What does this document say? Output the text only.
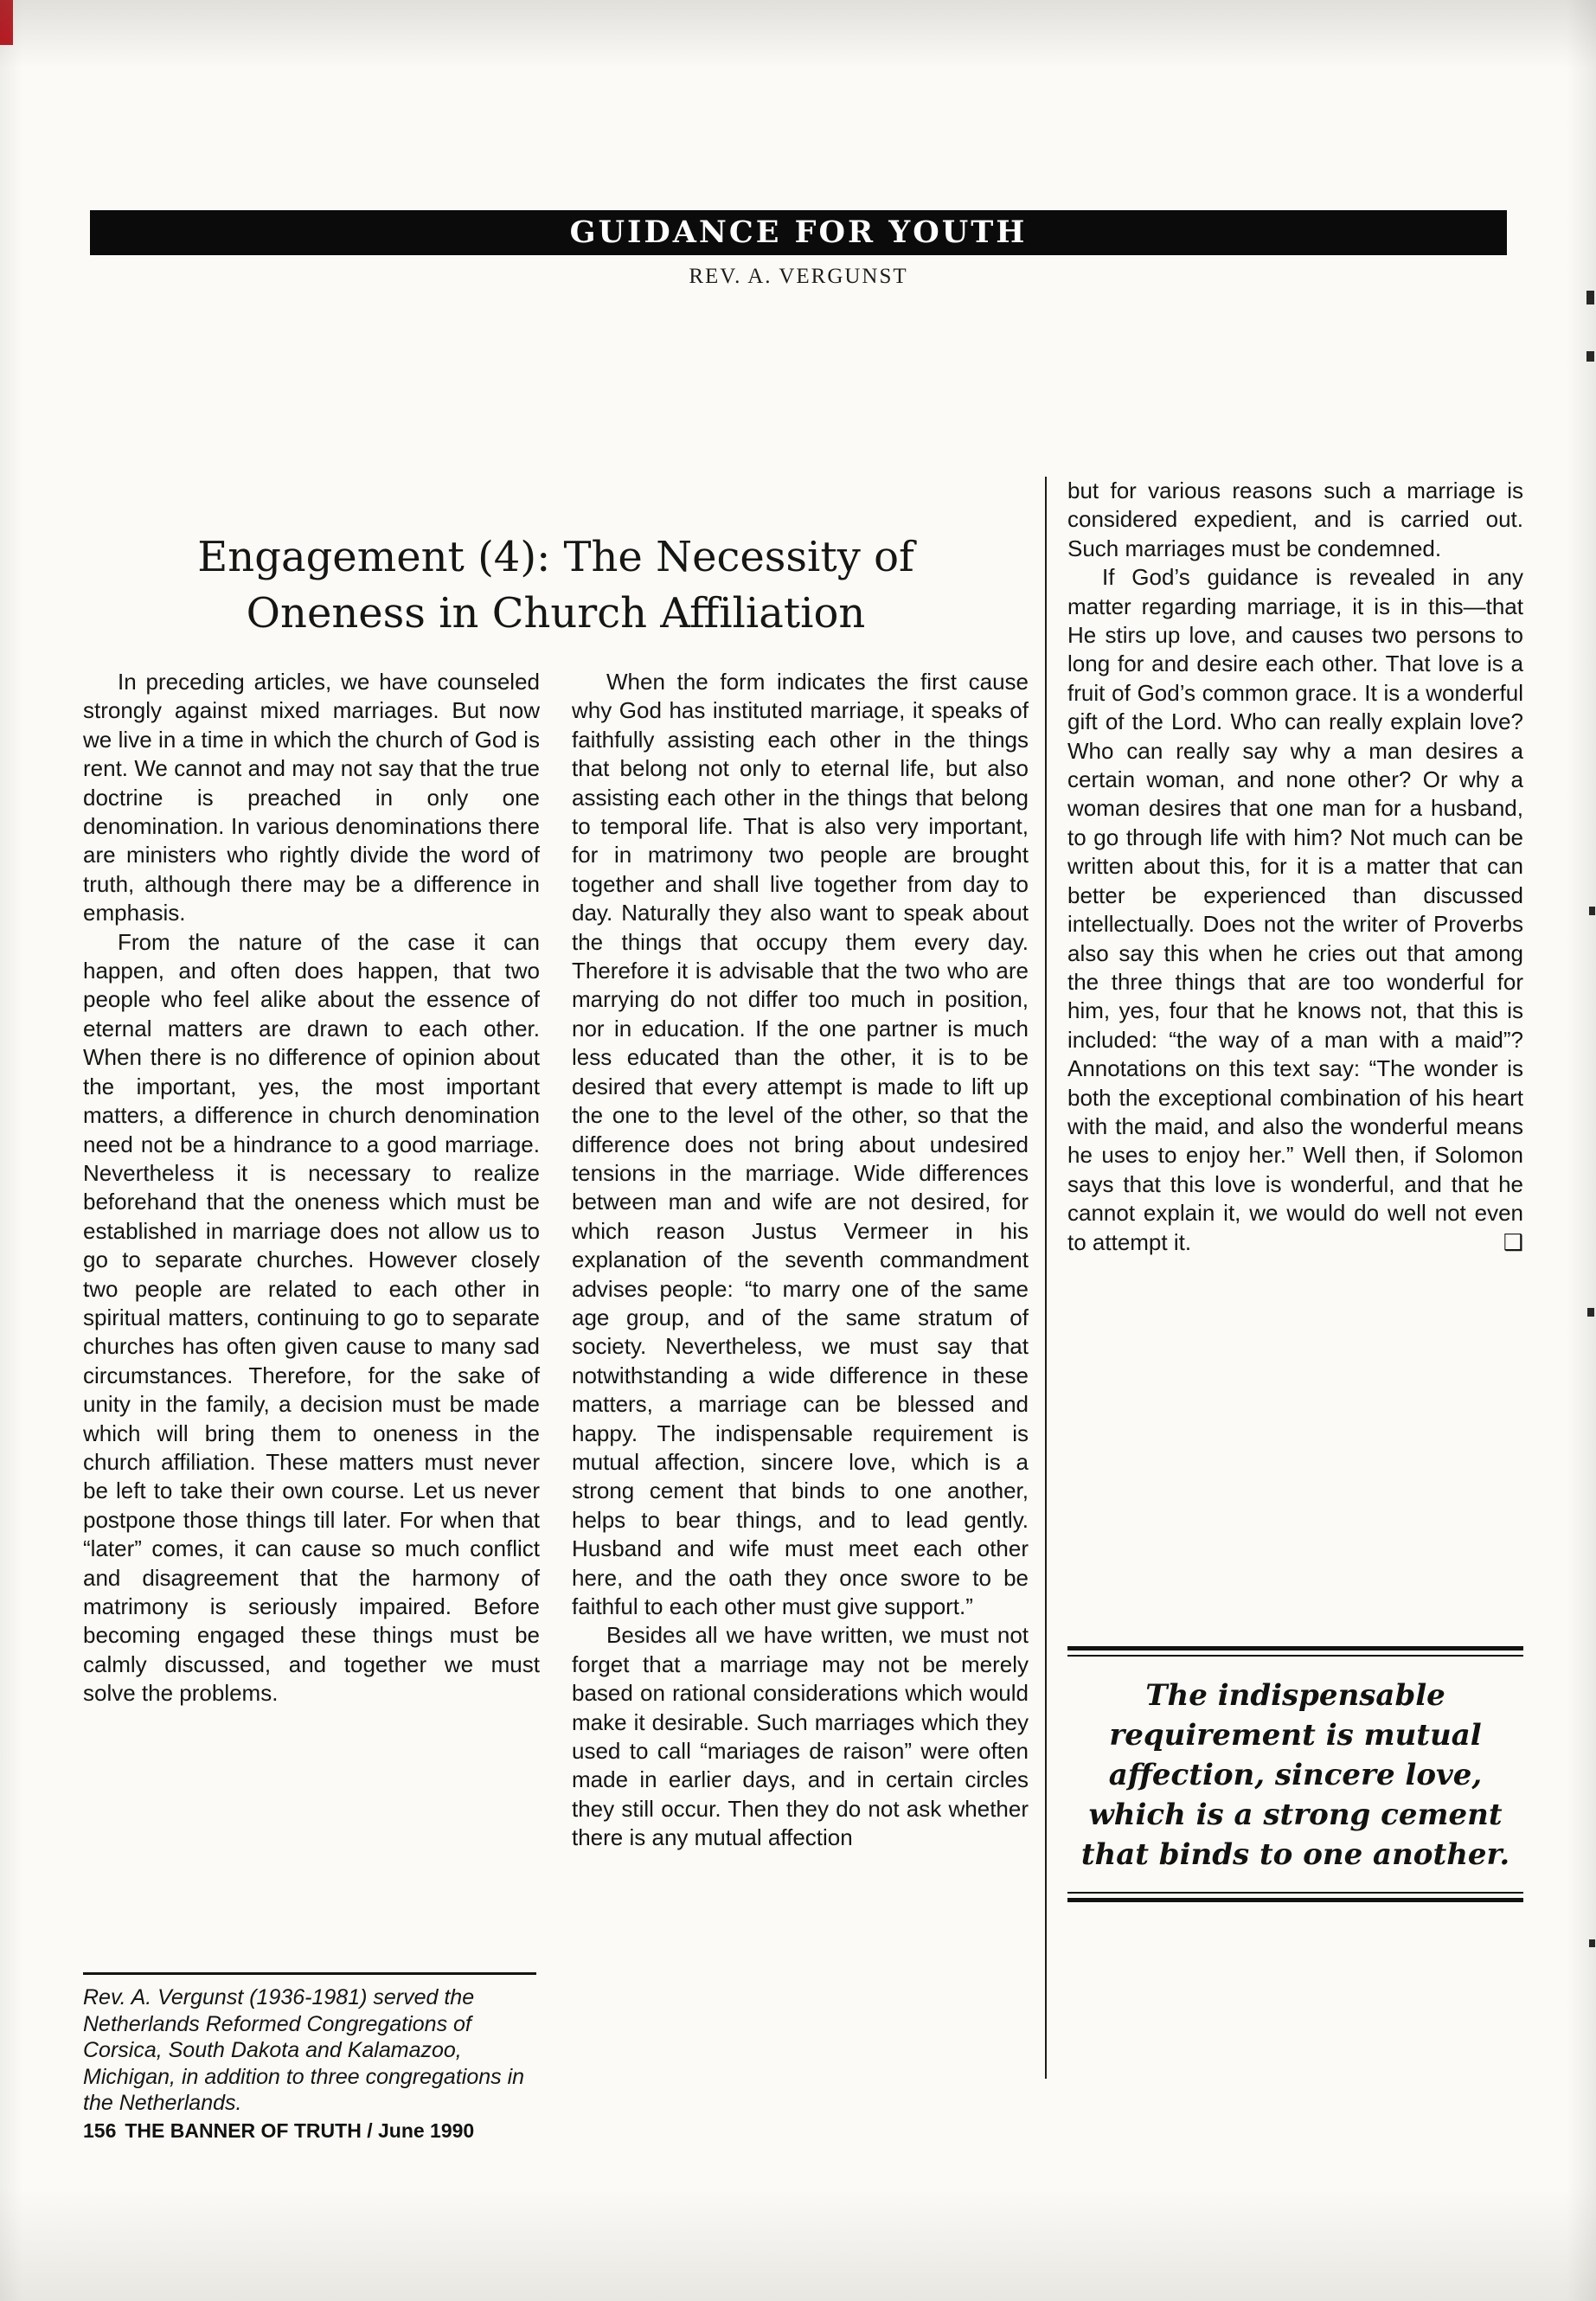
GUIDANCE FOR YOUTH
REV. A. VERGUNST
Engagement (4): The Necessity of
Oneness in Church Affiliation

In preceding articles, we have counseled strongly against mixed marriages. But now we live in a time in which the church of God is rent. We cannot and may not say that the true doctrine is preached in only one denomination. In various denominations there are ministers who rightly divide the word of truth, although there may be a difference in emphasis.

From the nature of the case it can happen, and often does happen, that two people who feel alike about the essence of eternal matters are drawn to each other. When there is no difference of opinion about the important, yes, the most important matters, a difference in church denomination need not be a hindrance to a good marriage. Nevertheless it is necessary to realize beforehand that the oneness which must be established in marriage does not allow us to go to separate churches. However closely two people are related to each other in spiritual matters, continuing to go to separate churches has often given cause to many sad circumstances. Therefore, for the sake of unity in the family, a decision must be made which will bring them to oneness in the church affiliation. These matters must never be left to take their own course. Let us never postpone those things till later. For when that “later” comes, it can cause so much conflict and disagreement that the harmony of matrimony is seriously impaired. Before becoming engaged these things must be calmly discussed, and together we must solve the problems.

When the form indicates the first cause why God has instituted marriage, it speaks of faithfully assisting each other in the things that belong not only to eternal life, but also assisting each other in the things that belong to temporal life. That is also very important, for in matrimony two people are brought together and shall live together from day to day. Naturally they also want to speak about the things that occupy them every day. Therefore it is advisable that the two who are marrying do not differ too much in position, nor in education. If the one partner is much less educated than the other, it is to be desired that every attempt is made to lift up the one to the level of the other, so that the difference does not bring about undesired tensions in the marriage. Wide differences between man and wife are not desired, for which reason Justus Vermeer in his explanation of the seventh commandment advises people: “to marry one of the same age group, and of the same stratum of society. Nevertheless, we must say that notwithstanding a wide difference in these matters, a marriage can be blessed and happy. The indispensable requirement is mutual affection, sincere love, which is a strong cement that binds to one another, helps to bear things, and to lead gently. Husband and wife must meet each other here, and the oath they once swore to be faithful to each other must give support.”

Besides all we have written, we must not forget that a marriage may not be merely based on rational considerations which would make it desirable. Such marriages which they used to call “mariages de raison” were often made in earlier days, and in certain circles they still occur. Then they do not ask whether there is any mutual affection

but for various reasons such a marriage is considered expedient, and is carried out. Such marriages must be condemned.

If God’s guidance is revealed in any matter regarding marriage, it is in this—that He stirs up love, and causes two persons to long for and desire each other. That love is a fruit of God’s common grace. It is a wonderful gift of the Lord. Who can really explain love? Who can really say why a man desires a certain woman, and none other? Or why a woman desires that one man for a husband, to go through life with him? Not much can be written about this, for it is a matter that can better be experienced than discussed intellectually. Does not the writer of Proverbs also say this when he cries out that among the three things that are too wonderful for him, yes, four that he knows not, that this is included: “the way of a man with a maid”? Annotations on this text say: “The wonder is both the exceptional combination of his heart with the maid, and also the wonderful means he uses to enjoy her.” Well then, if Solomon says that this love is wonderful, and that he cannot explain it, we would do well not even to attempt it.	❑

The indispensable requirement is mutual affection, sincere love, which is a strong cement that binds to one another.

Rev. A. Vergunst (1936-1981) served the Netherlands Reformed Congregations of Corsica, South Dakota and Kalamazoo, Michigan, in addition to three congregations in the Netherlands.

156 THE BANNER OF TRUTH / June 1990
